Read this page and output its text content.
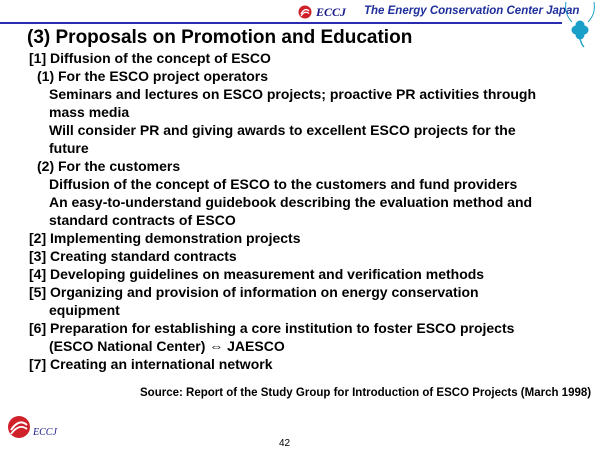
ECCJ The Energy Conservation Center Japan
(3) Proposals on Promotion and Education
[1] Diffusion of the concept of ESCO
(1) For the ESCO project operators
Seminars and lectures on ESCO projects; proactive PR activities through
mass media
Will consider PR and giving awards to excellent ESCO projects for the
future
(2) For the customers
Diffusion of the concept of ESCO to the customers and fund providers
An easy-to-understand guidebook describing the evaluation method and
standard contracts of ESCO
[2] Implementing demonstration projects
[3] Creating standard contracts
[4] Developing guidelines on measurement and verification methods
[5] Organizing and provision of information on energy conservation
equipment
[6] Preparation for establishing a core institution to foster ESCO projects
(ESCO National Center) ⇔ JAESCO
[7] Creating an international network
Source: Report of the Study Group for Introduction of ESCO Projects (March 1998)
ECCJ
42
